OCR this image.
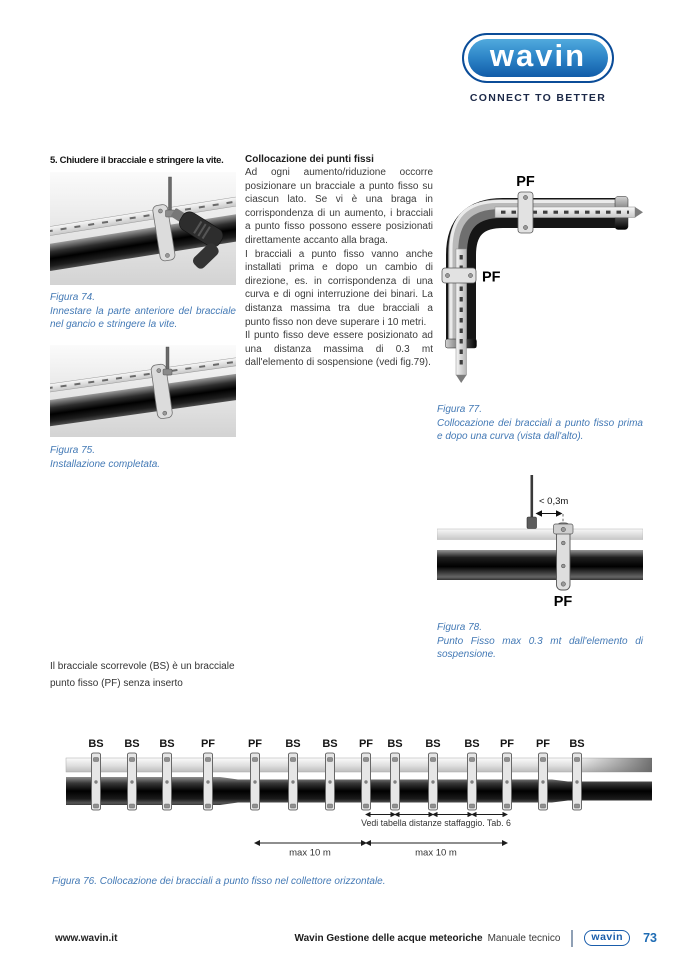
wavin
CONNECT TO BETTER
5. Chiudere il bracciale e stringere la vite.
Figura 74.
Innestare la parte anteriore del bracciale nel gancio e stringere la vite.
Figura 75.
Installazione completata.
Collocazione dei punti fissi

Ad ogni aumento/riduzione occorre posizionare un bracciale a punto fisso su ciascun lato. Se vi è una braga in corrispondenza di un aumento, i bracciali a punto fisso possono essere posizionati direttamente accanto alla braga.

I bracciali a punto fisso vanno anche installati prima e dopo un cambio di direzione, es. in corrispondenza di una curva e di ogni interruzione dei binari. La distanza massima tra due bracciali a punto fisso non deve superare i 10 metri.

Il punto fisso deve essere posizionato ad una distanza massima di 0.3 mt dall'elemento di sospensione (vedi fig.79).

PF
PF
Figura 77.
Collocazione dei bracciali a punto fisso prima e dopo una curva (vista dall'alto).
< 0,3m
PF
Figura 78.
Punto Fisso max 0.3 mt dall'elemento di sospensione.
Il bracciale scorrevole (BS) è un bracciale punto fisso (PF) senza inserto
BS BS BS PF	PF BS BS PF BS BS BS PF PF BS
Vedi tabella distanze staffaggio. Tab. 6
max 10 m	max 10 m
Figura 76. Collocazione dei bracciali a punto fisso nel collettore orizzontale.
www.wavin.it	Wavin Gestione delle acque meteoriche Manuale tecnico	wavin	73
